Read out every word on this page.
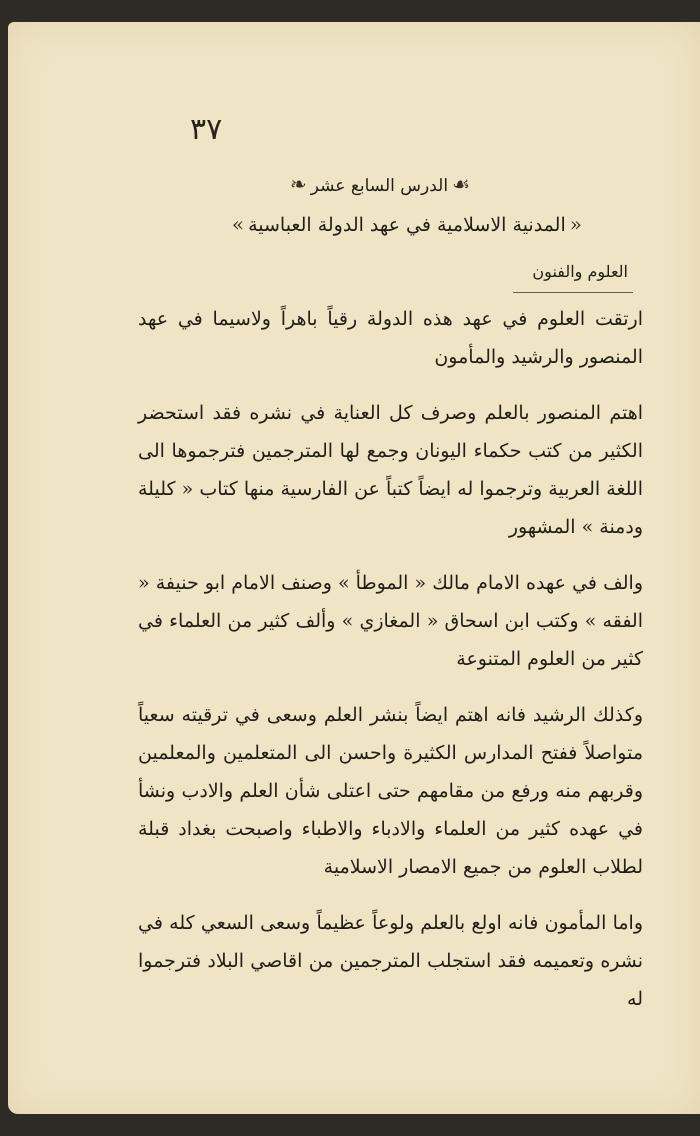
٣٧
☙الدرس السابع عشر❧
«المدنية الاسلامية في عهد الدولة العباسية»
العلوم والفنون

ارتقت العلوم في عهد هذه الدولة رقياً باهراً ولاسيما في عهد المنصور والرشيد والمأمون

اهتم المنصور بالعلم وصرف كل العناية في نشره فقد استحضر الكثير من كتب حكماء اليونان وجمع لها المترجمين فترجموها الى اللغة العربية وترجموا له ايضاً كتباً عن الفارسية منها كتاب « كليلة ودمنة » المشهور

والف في عهده الامام مالك « الموطأ » وصنف الامام ابو حنيفة « الفقه » وكتب ابن اسحاق « المغازي » وألف كثير من العلماء في كثير من العلوم المتنوعة

وكذلك الرشيد فانه اهتم ايضاً بنشر العلم وسعى في ترقيته سعياً متواصلاً ففتح المدارس الكثيرة واحسن الى المتعلمين والمعلمين وقربهم منه ورفع من مقامهم حتى اعتلى شأن العلم والادب ونشأ في عهده كثير من العلماء والادباء والاطباء واصبحت بغداد قبلة لطلاب العلوم من جميع الامصار الاسلامية

واما المأمون فانه اولع بالعلم ولوعاً عظيماً وسعى السعي كله في نشره وتعميمه فقد استجلب المترجمين من اقاصي البلاد فترجموا له
